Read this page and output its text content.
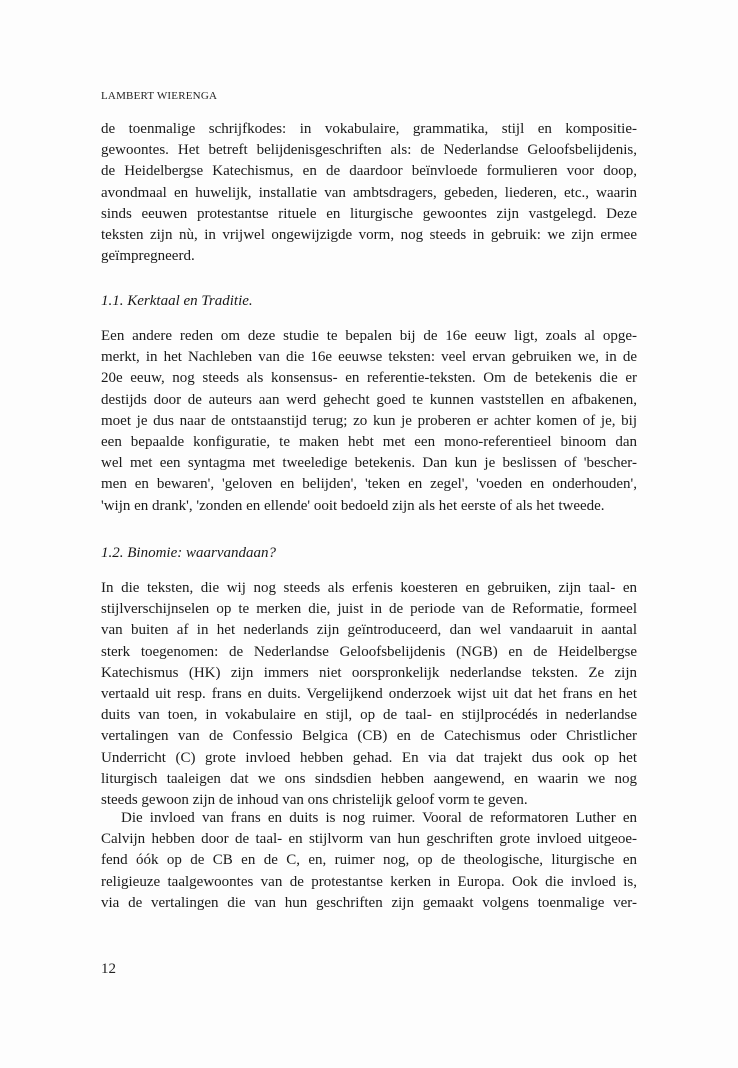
LAMBERT WIERENGA
de toenmalige schrijfkodes: in vokabulaire, grammatika, stijl en kompositie-
gewoontes. Het betreft belijdenisgeschriften als: de Nederlandse Geloofsbelijdenis,
de Heidelbergse Katechismus, en de daardoor beïnvloede formulieren voor doop,
avondmaal en huwelijk, installatie van ambtsdragers, gebeden, liederen, etc., waarin
sinds eeuwen protestantse rituele en liturgische gewoontes zijn vastgelegd. Deze
teksten zijn nù, in vrijwel ongewijzigde vorm, nog steeds in gebruik: we zijn ermee
geïmpregneerd.
1.1. Kerktaal en Traditie.
Een andere reden om deze studie te bepalen bij de 16e eeuw ligt, zoals al opge-
merkt, in het Nachleben van die 16e eeuwse teksten: veel ervan gebruiken we, in de
20e eeuw, nog steeds als konsensus- en referentie-teksten. Om de betekenis die er
destijds door de auteurs aan werd gehecht goed te kunnen vaststellen en afbakenen,
moet je dus naar de ontstaanstijd terug; zo kun je proberen er achter komen of je, bij
een bepaalde konfiguratie, te maken hebt met een mono-referentieel binoom dan
wel met een syntagma met tweeledige betekenis. Dan kun je beslissen of 'bescher-
men en bewaren', 'geloven en belijden', 'teken en zegel', 'voeden en onderhouden',
'wijn en drank', 'zonden en ellende' ooit bedoeld zijn als het eerste of als het tweede.
1.2. Binomie: waarvandaan?
In die teksten, die wij nog steeds als erfenis koesteren en gebruiken, zijn taal- en
stijlverschijnselen op te merken die, juist in de periode van de Reformatie, formeel
van buiten af in het nederlands zijn geïntroduceerd, dan wel vandaaruit in aantal
sterk toegenomen: de Nederlandse Geloofsbelijdenis (NGB) en de Heidelbergse
Katechismus (HK) zijn immers niet oorspronkelijk nederlandse teksten. Ze zijn
vertaald uit resp. frans en duits. Vergelijkend onderzoek wijst uit dat het frans en het
duits van toen, in vokabulaire en stijl, op de taal- en stijlprocédés in nederlandse
vertalingen van de Confessio Belgica (CB) en de Catechismus oder Christlicher
Underricht (C) grote invloed hebben gehad. En via dat trajekt dus ook op het
liturgisch taaleigen dat we ons sindsdien hebben aangewend, en waarin we nog
steeds gewoon zijn de inhoud van ons christelijk geloof vorm te geven.
Die invloed van frans en duits is nog ruimer. Vooral de reformatoren Luther en
Calvijn hebben door de taal- en stijlvorm van hun geschriften grote invloed uitgeoe-
fend óók op de CB en de C, en, ruimer nog, op de theologische, liturgische en
religieuze taalgewoontes van de protestantse kerken in Europa. Ook die invloed is,
via de vertalingen die van hun geschriften zijn gemaakt volgens toenmalige ver-
12
